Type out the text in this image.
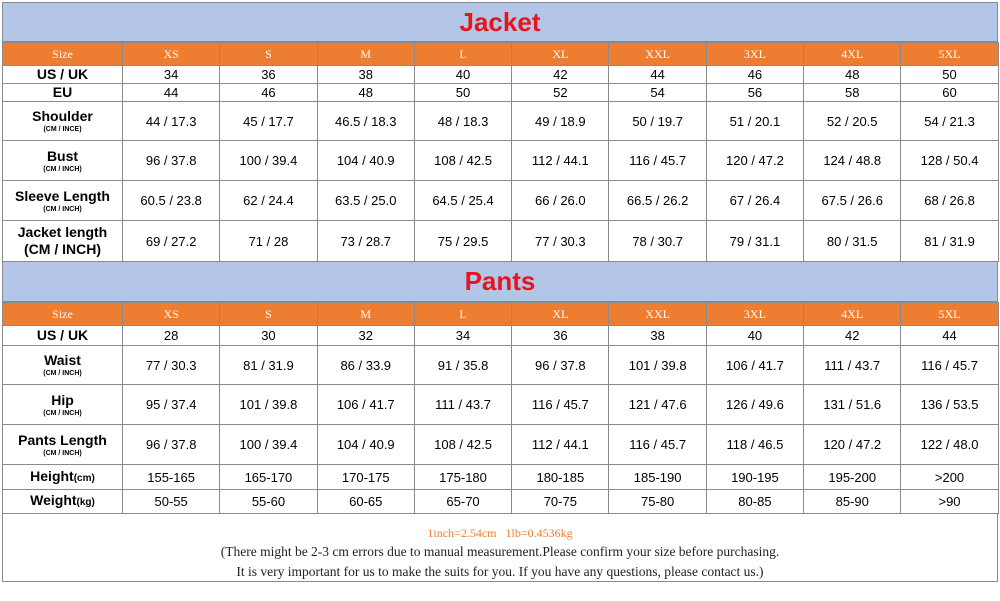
Jacket
Size	XS	S	M	L	XL	XXL	3XL	4XL	5XL
US / UK	34	36	38	40	42	44	46	48	50
EU	44	46	48	50	52	54	56	58	60
Shoulder
(CM / INCE)	44 / 17.3	45 / 17.7	46.5 / 18.3	48 / 18.3	49 / 18.9	50 / 19.7	51 / 20.1	52 / 20.5	54 / 21.3
Bust
(CM / INCH)	96 / 37.8	100 / 39.4	104 / 40.9	108 / 42.5	112 / 44.1	116 / 45.7	120 / 47.2	124 / 48.8	128 / 50.4
Sleeve Length
(CM / INCH)	60.5 / 23.8	62 / 24.4	63.5 / 25.0	64.5 / 25.4	66 / 26.0	66.5 / 26.2	67 / 26.4	67.5 / 26.6	68 / 26.8
Jacket length
(CM / INCH)	69 / 27.2	71 / 28	73 / 28.7	75 / 29.5	77 / 30.3	78 / 30.7	79 / 31.1	80 / 31.5	81 / 31.9
Pants
Size	XS	S	M	L	XL	XXL	3XL	4XL	5XL
US / UK	28	30	32	34	36	38	40	42	44
Waist
(CM / INCH)	77 / 30.3	81 / 31.9	86 / 33.9	91 / 35.8	96 / 37.8	101 / 39.8	106 / 41.7	111 / 43.7	116 / 45.7
Hip
(CM / INCH)	95 / 37.4	101 / 39.8	106 / 41.7	111 / 43.7	116 / 45.7	121 / 47.6	126 / 49.6	131 / 51.6	136 / 53.5
Pants Length
(CM / INCH)	96 / 37.8	100 / 39.4	104 / 40.9	108 / 42.5	112 / 44.1	116 / 45.7	118 / 46.5	120 / 47.2	122 / 48.0
Height(cm)	155-165	165-170	170-175	175-180	180-185	185-190	190-195	195-200	>200
Weight(kg)	50-55	55-60	60-65	65-70	70-75	75-80	80-85	85-90	>90
1inch=2.54cm 1lb=0.4536kg
(There might be 2-3 cm errors due to manual measurement.Please confirm your size before purchasing.
It is very important for us to make the suits for you. If you have any questions, please contact us.)
